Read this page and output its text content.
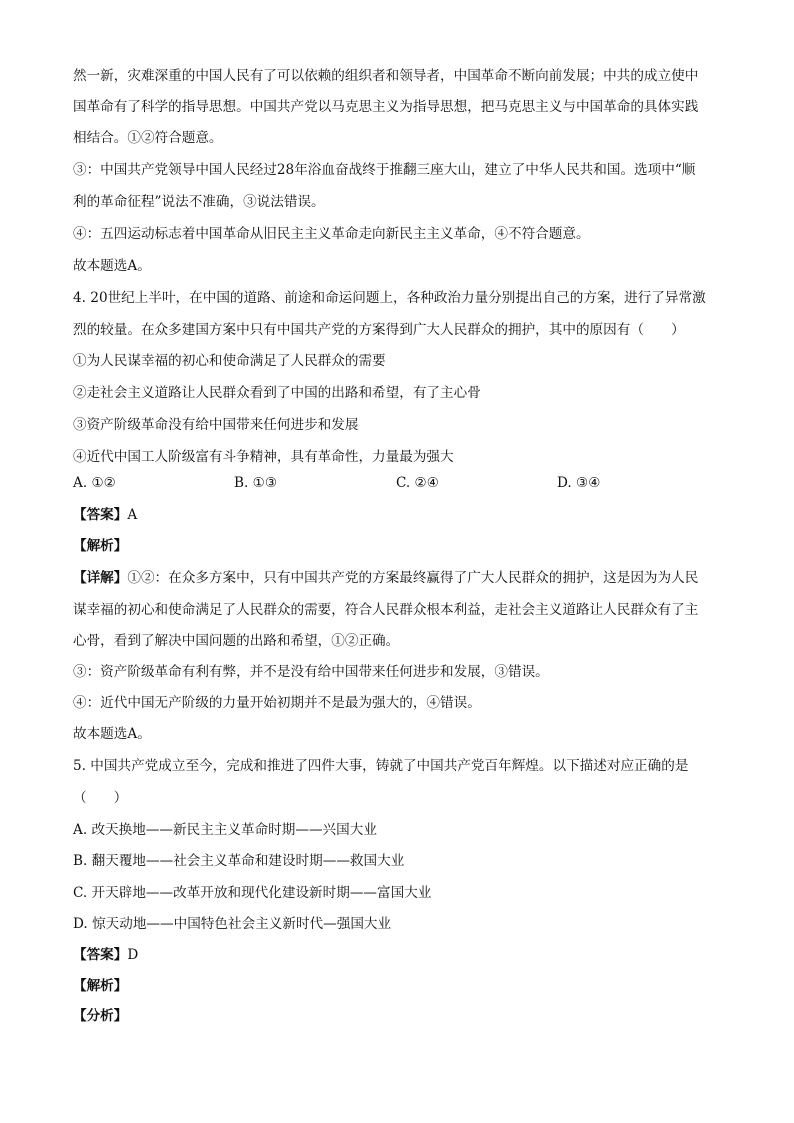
然一新，灾难深重的中国人民有了可以依赖的组织者和领导者，中国革命不断向前发展；中共的成立使中
国革命有了科学的指导思想。中国共产党以马克思主义为指导思想，把马克思主义与中国革命的具体实践
相结合。①②符合题意。
③：中国共产党领导中国人民经过28年浴血奋战终于推翻三座大山，建立了中华人民共和国。选项中“顺
利的革命征程”说法不准确，③说法错误。
④：五四运动标志着中国革命从旧民主主义革命走向新民主主义革命，④不符合题意。
故本题选A。
4. 20世纪上半叶，在中国的道路、前途和命运问题上，各种政治力量分别提出自己的方案，进行了异常激
烈的较量。在众多建国方案中只有中国共产党的方案得到广大人民群众的拥护，其中的原因有（　　）
①为人民谋幸福的初心和使命满足了人民群众的需要
②走社会主义道路让人民群众看到了中国的出路和希望，有了主心骨
③资产阶级革命没有给中国带来任何进步和发展
④近代中国工人阶级富有斗争精神，具有革命性，力量最为强大
【答案】A
【解析】
【详解】①②：在众多方案中，只有中国共产党的方案最终赢得了广大人民群众的拥护，这是因为为人民
谋幸福的初心和使命满足了人民群众的需要，符合人民群众根本利益，走社会主义道路让人民群众有了主
心骨，看到了解决中国问题的出路和希望，①②正确。
③：资产阶级革命有利有弊，并不是没有给中国带来任何进步和发展，③错误。
④：近代中国无产阶级的力量开始初期并不是最为强大的，④错误。
故本题选A。
5. 中国共产党成立至今，完成和推进了四件大事，铸就了中国共产党百年辉煌。以下描述对应正确的是
（　　）
A. 改天换地——新民主主义革命时期——兴国大业
B. 翻天覆地——社会主义革命和建设时期——救国大业
C. 开天辟地——改革开放和现代化建设新时期——富国大业
D. 惊天动地——中国特色社会主义新时代—强国大业
【答案】D
【解析】
【分析】
A. ①②	B. ①③	C. ②④	D. ③④
